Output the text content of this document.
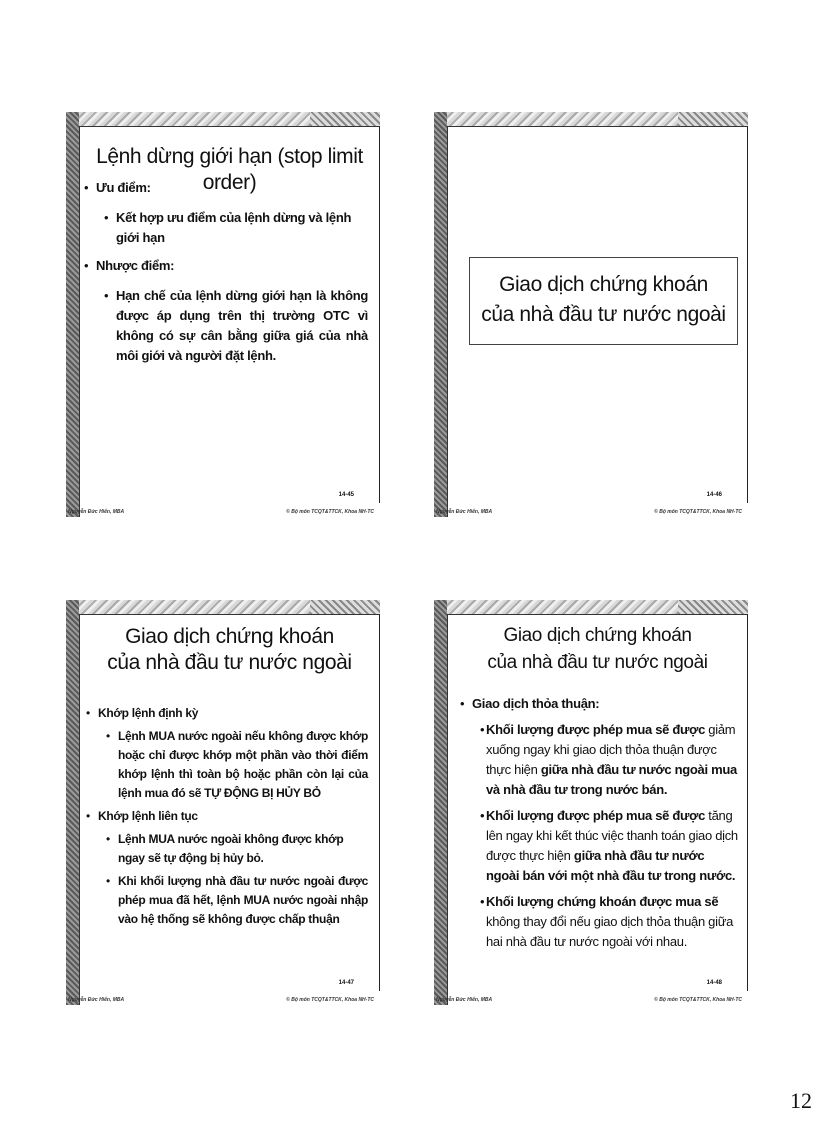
Lệnh dừng giới hạn (stop limit order)
• Ưu điểm:
• Kết hợp ưu điểm của lệnh dừng và lệnh giới hạn
• Nhược điểm:
• Hạn chế của lệnh dừng giới hạn là không được áp dụng trên thị trường OTC vì không có sự cân bằng giữa giá của nhà môi giới và người đặt lệnh.
14-45
Nguyễn Đức Hiển, MBA	© Bộ môn TCQT&TTCK, Khoa NH-TC
Giao dịch chứng khoán
của nhà đầu tư nước ngoài
14-46
Nguyễn Đức Hiển, MBA	© Bộ môn TCQT&TTCK, Khoa NH-TC
Giao dịch chứng khoán
của nhà đầu tư nước ngoài
• Khớp lệnh định kỳ
• Lệnh MUA nước ngoài nếu không được khớp hoặc chỉ được khớp một phần vào thời điểm khớp lệnh thì toàn bộ hoặc phần còn lại của lệnh mua đó sẽ TỰ ĐỘNG BỊ HỦY BỎ
• Khớp lệnh liên tục
• Lệnh MUA nước ngoài không được khớp ngay sẽ tự động bị hủy bỏ.
• Khi khối lượng nhà đầu tư nước ngoài được phép mua đã hết, lệnh MUA nước ngoài nhập vào hệ thống sẽ không được chấp thuận
14-47
Nguyễn Đức Hiển, MBA	© Bộ môn TCQT&TTCK, Khoa NH-TC
Giao dịch chứng khoán
của nhà đầu tư nước ngoài
• Giao dịch thỏa thuận:
• Khối lượng được phép mua sẽ được giảm xuống ngay khi giao dịch thỏa thuận được thực hiện giữa nhà đầu tư nước ngoài mua và nhà đầu tư trong nước bán.
• Khối lượng được phép mua sẽ được tăng lên ngay khi kết thúc việc thanh toán giao dịch được thực hiện giữa nhà đầu tư nước ngoài bán với một nhà đầu tư trong nước.
• Khối lượng chứng khoán được mua sẽ không thay đổi nếu giao dịch thỏa thuận giữa hai nhà đầu tư nước ngoài với nhau.
14-48
Nguyễn Đức Hiển, MBA	© Bộ môn TCQT&TTCK, Khoa NH-TC
12
